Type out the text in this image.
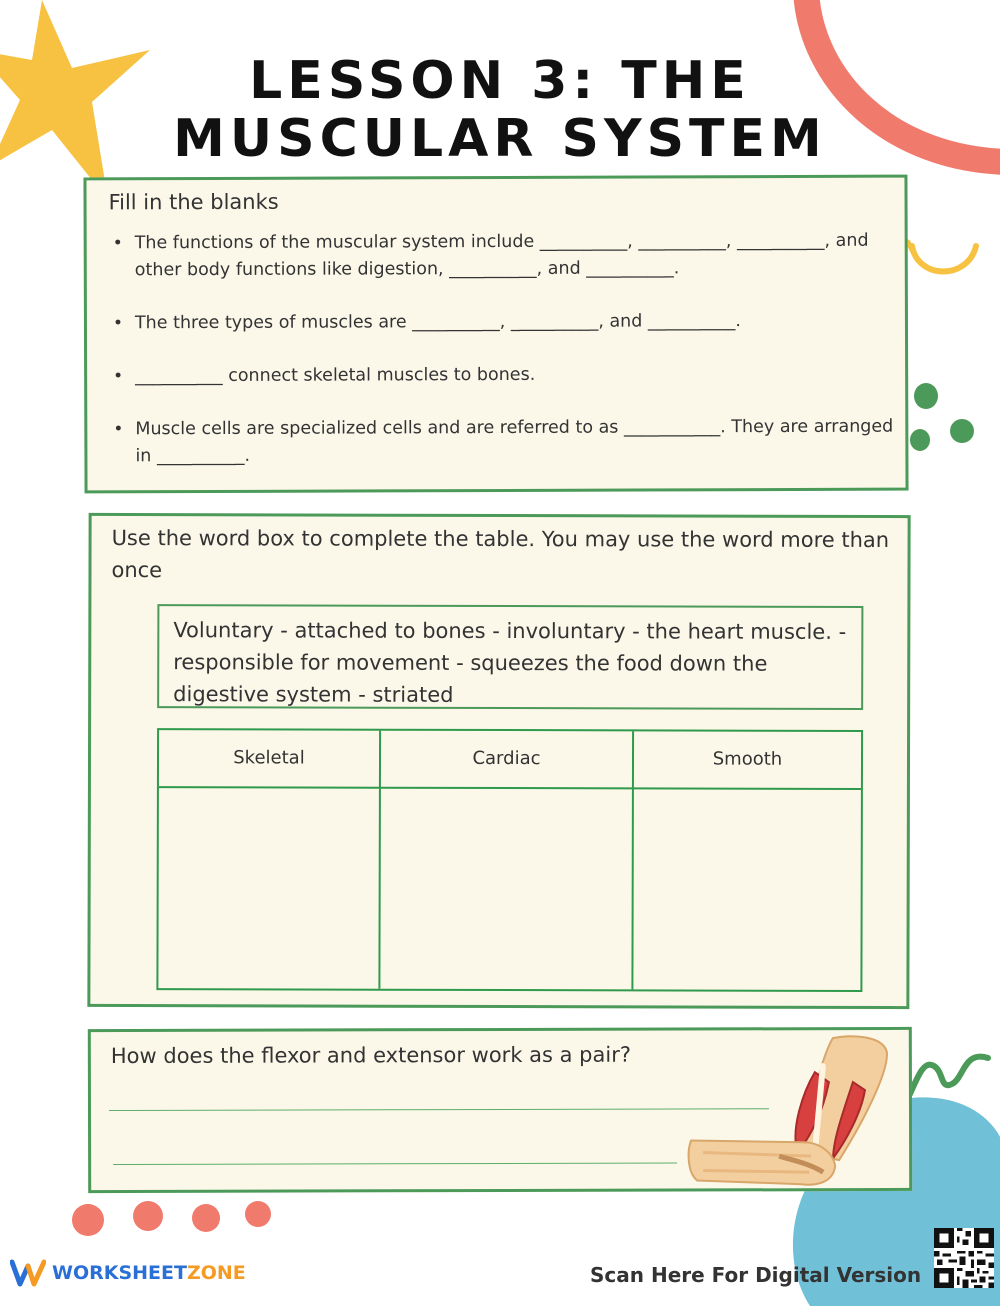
LESSON 3: THE
MUSCULAR SYSTEM
Fill in the blanks
• The functions of the muscular system include __________, __________, __________, and other body functions like digestion, __________, and __________.
• The three types of muscles are __________, __________, and __________.
• __________ connect skeletal muscles to bones.
• Muscle cells are specialized cells and are referred to as ___________. They are arranged in __________.
Use the word box to complete the table. You may use the word more than once
Voluntary - attached to bones - involuntary - the heart muscle. - responsible for movement - squeezes the food down the digestive system - striated
Skeletal	Cardiac	Smooth
How does the flexor and extensor work as a pair?
WORKSHEETZONE	Scan Here For Digital Version
